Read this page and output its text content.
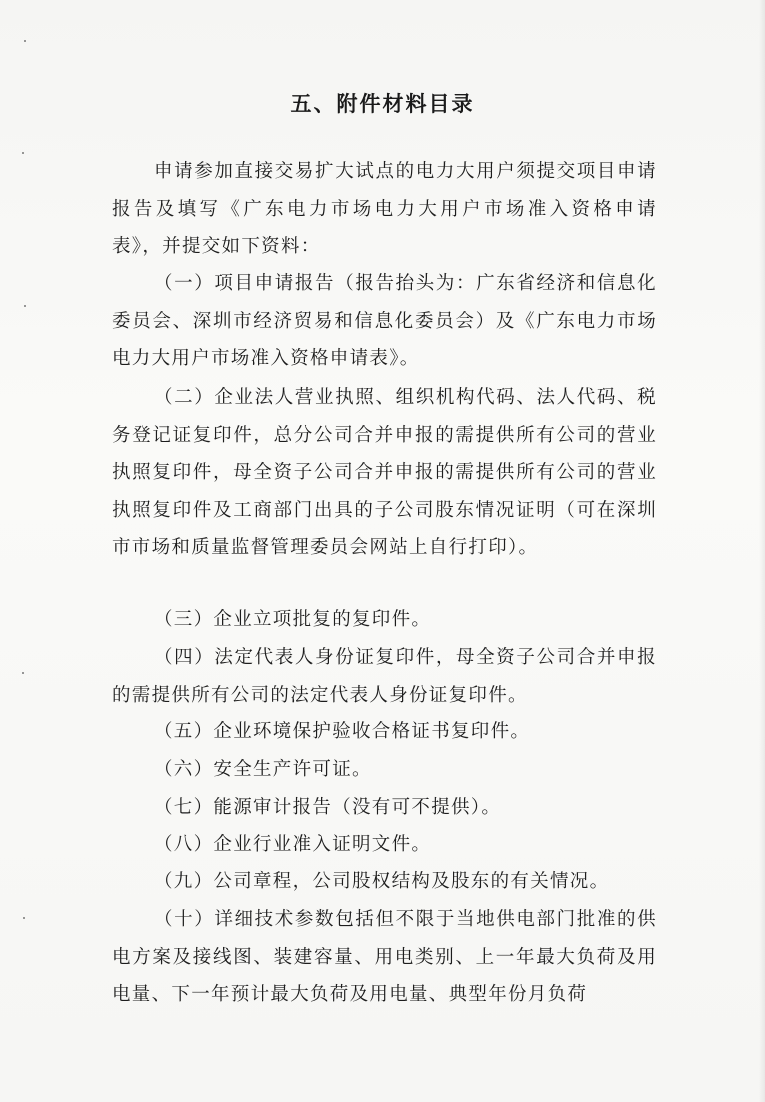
五、附件材料目录

申请参加直接交易扩大试点的电力大用户须提交项目申请报告及填写《广东电力市场电力大用户市场准入资格申请表》，并提交如下资料：

（一）项目申请报告（报告抬头为：广东省经济和信息化委员会、深圳市经济贸易和信息化委员会）及《广东电力市场电力大用户市场准入资格申请表》。

（二）企业法人营业执照、组织机构代码、法人代码、税务登记证复印件，总分公司合并申报的需提供所有公司的营业执照复印件，母全资子公司合并申报的需提供所有公司的营业执照复印件及工商部门出具的子公司股东情况证明（可在深圳市市场和质量监督管理委员会网站上自行打印）。

（三）企业立项批复的复印件。

（四）法定代表人身份证复印件，母全资子公司合并申报的需提供所有公司的法定代表人身份证复印件。

（五）企业环境保护验收合格证书复印件。

（六）安全生产许可证。

（七）能源审计报告（没有可不提供）。

（八）企业行业准入证明文件。

（九）公司章程，公司股权结构及股东的有关情况。

（十）详细技术参数包括但不限于当地供电部门批准的供电方案及接线图、装建容量、用电类别、上一年最大负荷及用电量、下一年预计最大负荷及用电量、典型年份月负荷
